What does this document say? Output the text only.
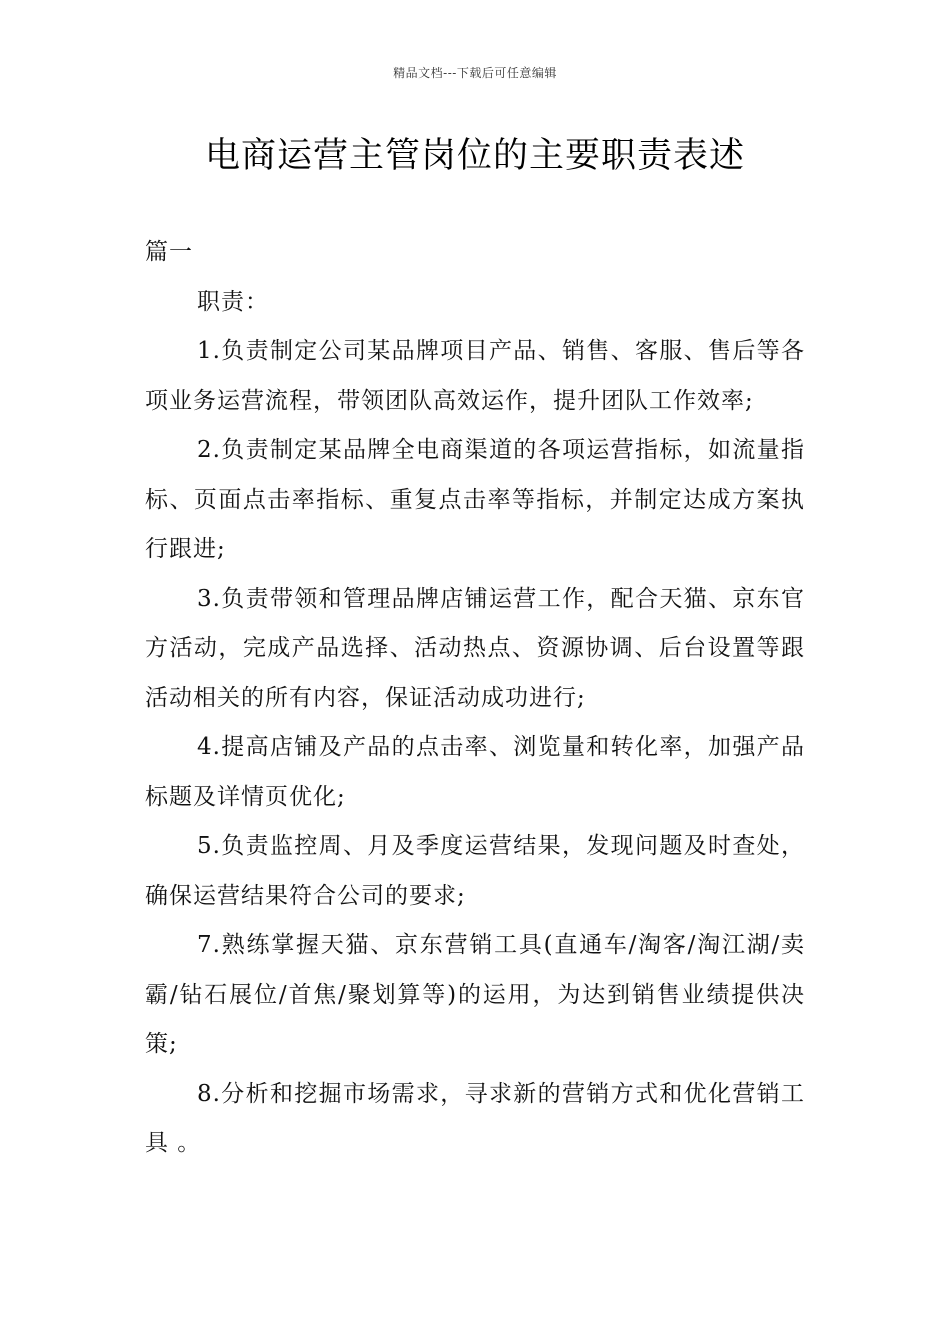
精品文档---下载后可任意编辑
电商运营主管岗位的主要职责表述

篇一

职责：

1.负责制定公司某品牌项目产品、销售、客服、售后等各项业务运营流程，带领团队高效运作，提升团队工作效率;

2.负责制定某品牌全电商渠道的各项运营指标，如流量指标、页面点击率指标、重复点击率等指标，并制定达成方案执行跟进;

3.负责带领和管理品牌店铺运营工作，配合天猫、京东官方活动，完成产品选择、活动热点、资源协调、后台设置等跟活动相关的所有内容，保证活动成功进行;

4.提高店铺及产品的点击率、浏览量和转化率，加强产品标题及详情页优化;

5.负责监控周、月及季度运营结果，发现问题及时查处，确保运营结果符合公司的要求;

7.熟练掌握天猫、京东营销工具(直通车/淘客/淘江湖/卖霸/钻石展位/首焦/聚划算等)的运用，为达到销售业绩提供决策;

8.分析和挖掘市场需求，寻求新的营销方式和优化营销工具 。
